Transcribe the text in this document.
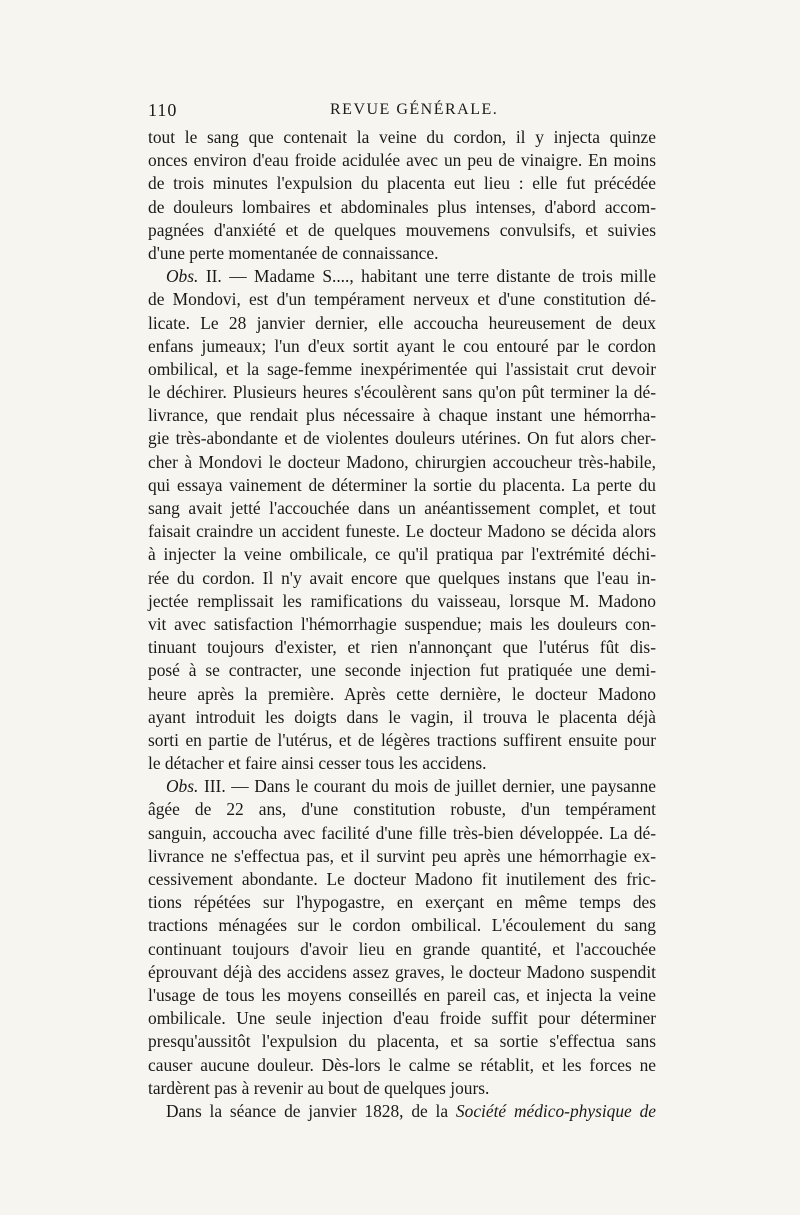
110	REVUE GÉNÉRALE.
tout le sang que contenait la veine du cordon, il y injecta quinze
onces environ d'eau froide acidulée avec un peu de vinaigre. En moins
de trois minutes l'expulsion du placenta eut lieu : elle fut précédée
de douleurs lombaires et abdominales plus intenses, d'abord accom-
pagnées d'anxiété et de quelques mouvemens convulsifs, et suivies
d'une perte momentanée de connaissance.
Obs. II. — Madame S...., habitant une terre distante de trois mille
de Mondovi, est d'un tempérament nerveux et d'une constitution dé-
licate. Le 28 janvier dernier, elle accoucha heureusement de deux
enfans jumeaux; l'un d'eux sortit ayant le cou entouré par le cordon
ombilical, et la sage-femme inexpérimentée qui l'assistait crut devoir
le déchirer. Plusieurs heures s'écoulèrent sans qu'on pût terminer la dé-
livrance, que rendait plus nécessaire à chaque instant une hémorrha-
gie très-abondante et de violentes douleurs utérines. On fut alors cher-
cher à Mondovi le docteur Madono, chirurgien accoucheur très-habile,
qui essaya vainement de déterminer la sortie du placenta. La perte du
sang avait jetté l'accouchée dans un anéantissement complet, et tout
faisait craindre un accident funeste. Le docteur Madono se décida alors
à injecter la veine ombilicale, ce qu'il pratiqua par l'extrémité déchi-
rée du cordon. Il n'y avait encore que quelques instans que l'eau in-
jectée remplissait les ramifications du vaisseau, lorsque M. Madono
vit avec satisfaction l'hémorrhagie suspendue; mais les douleurs con-
tinuant toujours d'exister, et rien n'annonçant que l'utérus fût dis-
posé à se contracter, une seconde injection fut pratiquée une demi-
heure après la première. Après cette dernière, le docteur Madono
ayant introduit les doigts dans le vagin, il trouva le placenta déjà
sorti en partie de l'utérus, et de légères tractions suffirent ensuite pour
le détacher et faire ainsi cesser tous les accidens.
Obs. III. — Dans le courant du mois de juillet dernier, une paysanne
âgée de 22 ans, d'une constitution robuste, d'un tempérament
sanguin, accoucha avec facilité d'une fille très-bien développée. La dé-
livrance ne s'effectua pas, et il survint peu après une hémorrhagie ex-
cessivement abondante. Le docteur Madono fit inutilement des fric-
tions répétées sur l'hypogastre, en exerçant en même temps des
tractions ménagées sur le cordon ombilical. L'écoulement du sang
continuant toujours d'avoir lieu en grande quantité, et l'accouchée
éprouvant déjà des accidens assez graves, le docteur Madono suspendit
l'usage de tous les moyens conseillés en pareil cas, et injecta la veine
ombilicale. Une seule injection d'eau froide suffit pour déterminer
presqu'aussitôt l'expulsion du placenta, et sa sortie s'effectua sans
causer aucune douleur. Dès-lors le calme se rétablit, et les forces ne
tardèrent pas à revenir au bout de quelques jours.
Dans la séance de janvier 1828, de la Société médico-physique de
